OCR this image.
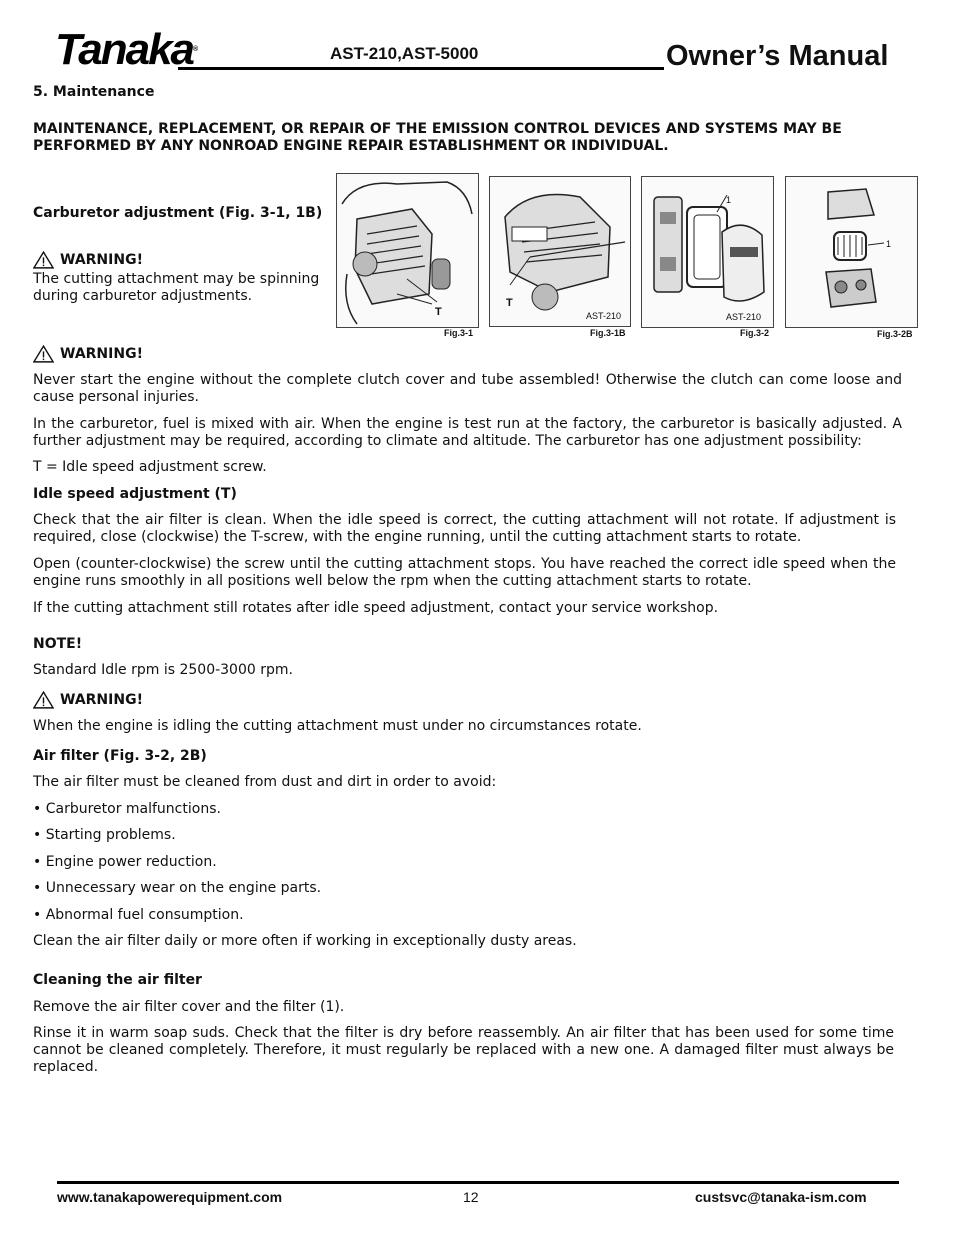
Tanaka®	AST-210,AST-5000	Owner’s Manual
5. Maintenance
MAINTENANCE, REPLACEMENT, OR REPAIR OF THE EMISSION CONTROL DEVICES AND SYSTEMS MAY BE PERFORMED BY ANY NONROAD ENGINE REPAIR ESTABLISHMENT OR INDIVIDUAL.
Carburetor adjustment (Fig. 3-1, 1B)
WARNING!
The cutting attachment may be spinning during carburetor adjustments.
T
Fig.3-1
T
AST-210
Fig.3-1B
1
AST-210
Fig.3-2
1
Fig.3-2B
WARNING!
Never start the engine without the complete clutch cover and tube assembled! Otherwise the clutch can come loose and cause personal injuries.
In the carburetor, fuel is mixed with air. When the engine is test run at the factory, the carburetor is basically adjusted. A further adjustment may be required, according to climate and altitude. The carburetor has one adjustment possibility:
T = Idle speed adjustment screw.
Idle speed adjustment (T)
Check that the air filter is clean. When the idle speed is correct, the cutting attachment will not rotate. If adjustment is required, close (clockwise) the T-screw, with the engine running, until the cutting attachment starts to rotate.
Open (counter-clockwise) the screw until the cutting attachment stops. You have reached the correct idle speed when the engine runs smoothly in all positions well below the rpm when the cutting attachment starts to rotate.
If the cutting attachment still rotates after idle speed adjustment, contact your service workshop.
NOTE!
Standard Idle rpm is 2500-3000 rpm.
WARNING!
When the engine is idling the cutting attachment must under no circumstances rotate.
Air filter (Fig. 3-2, 2B)
The air filter must be cleaned from dust and dirt in order to avoid:
• Carburetor malfunctions.
• Starting problems.
• Engine power reduction.
• Unnecessary wear on the engine parts.
• Abnormal fuel consumption.
Clean the air filter daily or more often if working in exceptionally dusty areas.
Cleaning the air filter
Remove the air filter cover and the filter (1).
Rinse it in warm soap suds. Check that the filter is dry before reassembly. An air filter that has been used for some time cannot be cleaned completely. Therefore, it must regularly be replaced with a new one. A damaged filter must always be replaced.
www.tanakapowerequipment.com	12	custsvc@tanaka-ism.com
